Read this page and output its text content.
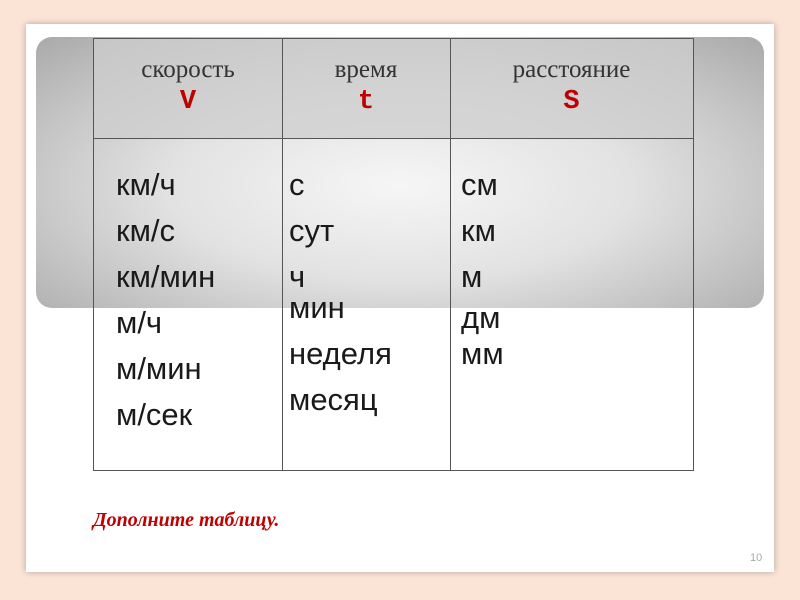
скорость
V
время
t
расстояние
S
км/ч
км/с
км/мин
м/ч
м/мин
м/сек
с
сут
ч
мин
неделя
месяц
см
км
м
дм
мм
Дополните таблицу.
10
